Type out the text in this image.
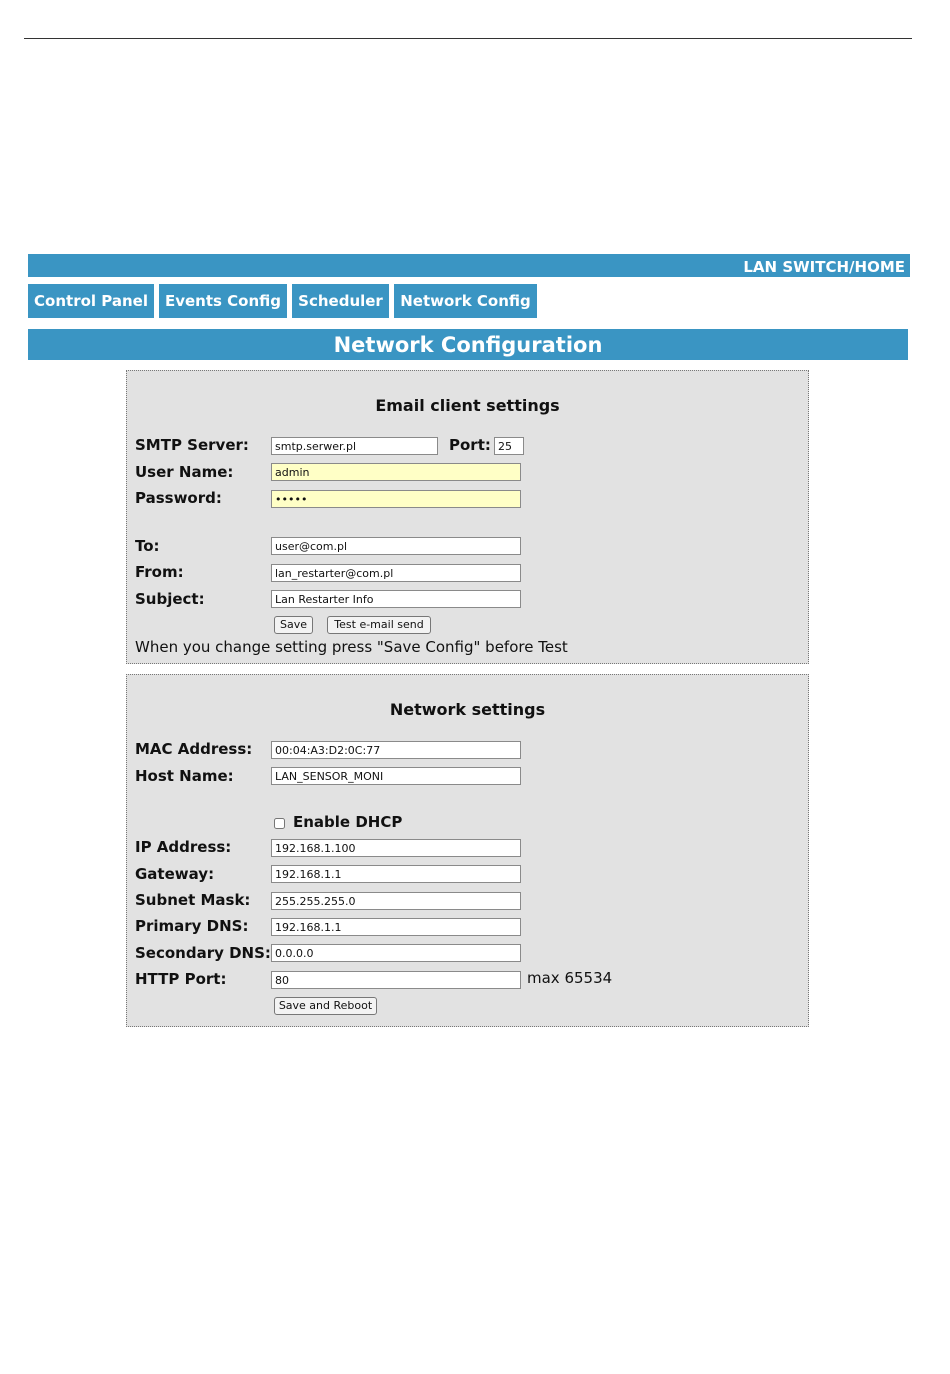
LAN SWITCH/HOME
Control Panel	Events Config	Scheduler	Network Config
Network Configuration
Email client settings
SMTP Server:
smtp.serwer.pl	Port:
25
User Name:
admin
Password:
•••••
To:
user@com.pl
From:
lan_restarter@com.pl
Subject:
Lan Restarter Info
Save	Test e-mail send
When you change setting press "Save Config" before Test
Network settings
MAC Address:
00:04:A3:D2:0C:77
Host Name:
LAN_SENSOR_MONI
Enable DHCP
IP Address:
192.168.1.100
Gateway:
192.168.1.1
Subnet Mask:
255.255.255.0
Primary DNS:
192.168.1.1
Secondary DNS:
0.0.0.0
HTTP Port:
80	max 65534
Save and Reboot
